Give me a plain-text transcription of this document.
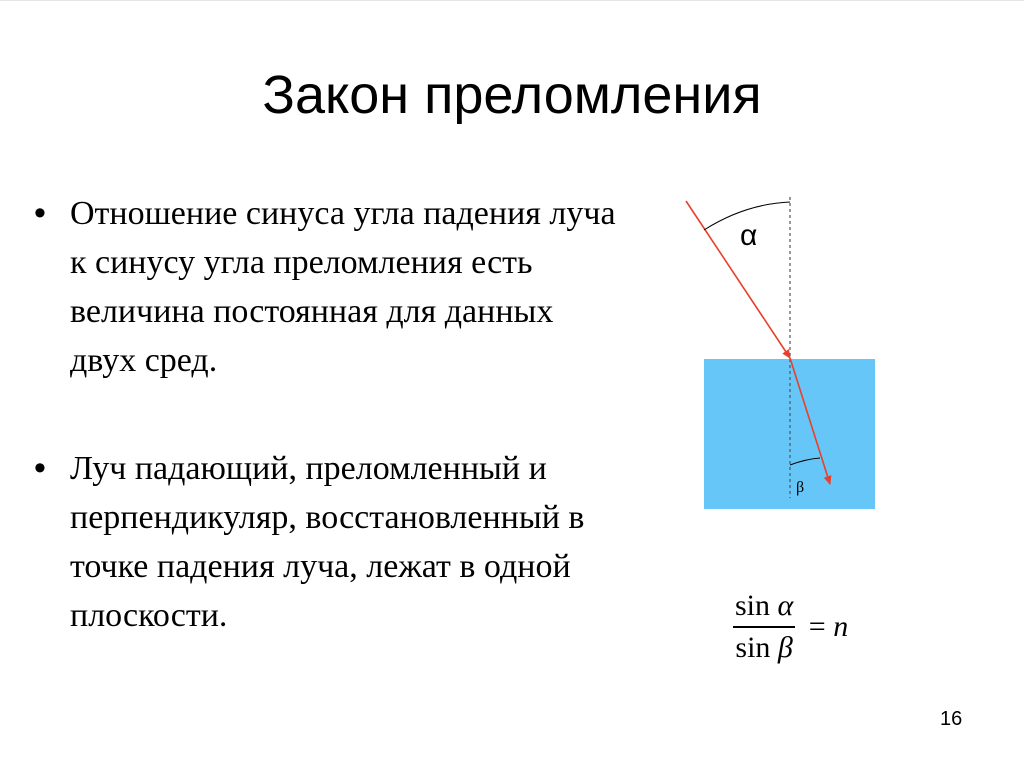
Закон преломления
• Отношение синуса угла падения луча к синусу угла преломления есть величина постоянная для данных двух сред.
• Луч падающий, преломленный и перпендикуляр, восстановленный в точке падения луча, лежат в одной плоскости.
α
β
$\frac{\text{sin α}}{\text{sin β}} = n$
16
